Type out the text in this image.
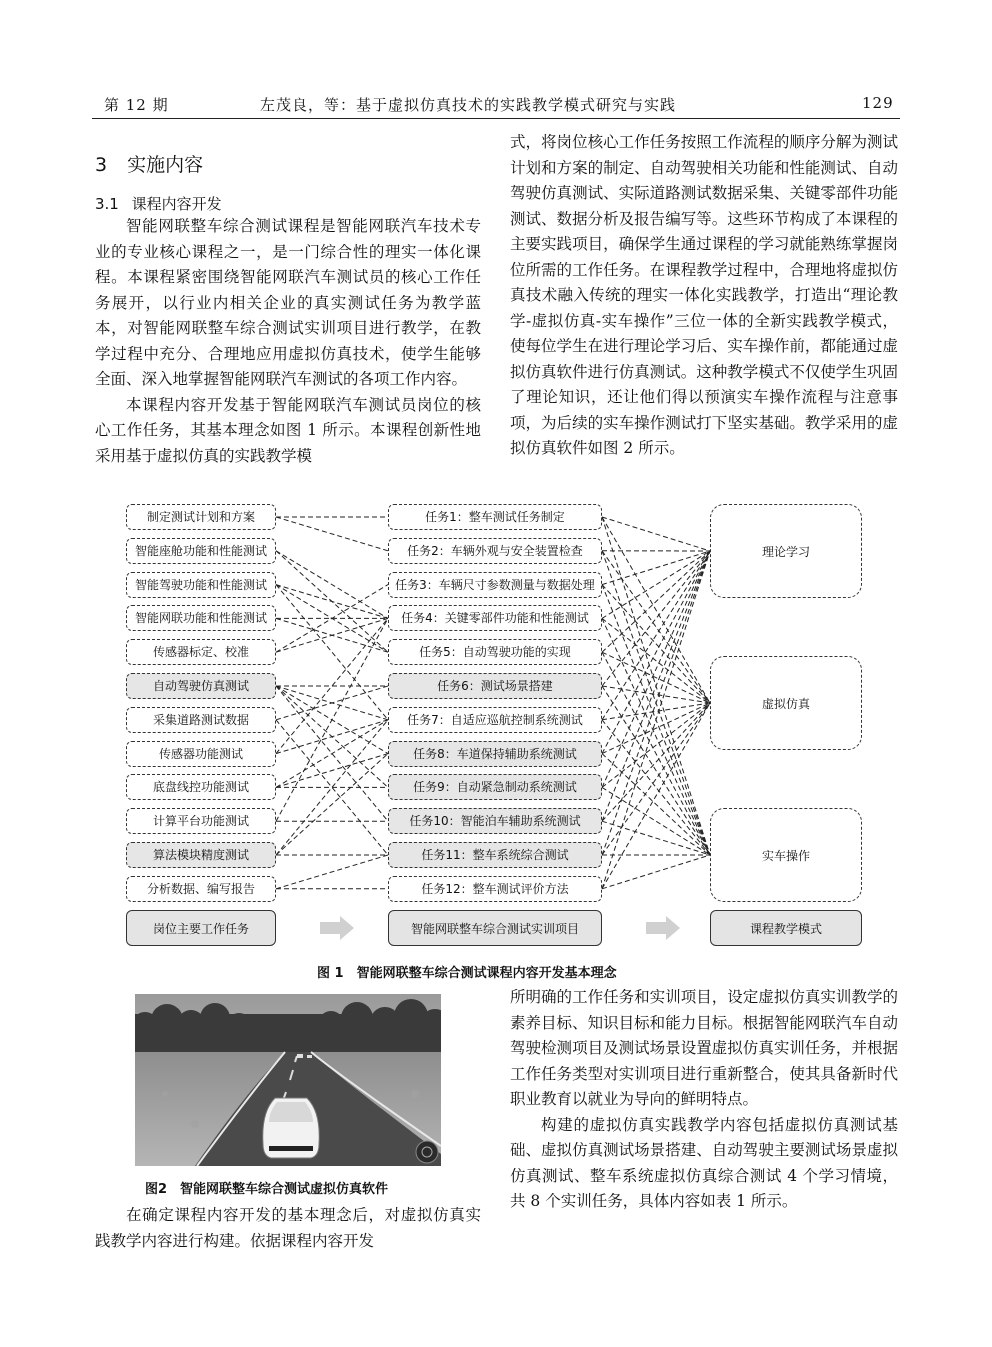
第 12 期	左茂良，等：基于虚拟仿真技术的实践教学模式研究与实践	129
3 实施内容
3.1 课程内容开发

智能网联整车综合测试课程是智能网联汽车技术专业的专业核心课程之一，是一门综合性的理实一体化课程。本课程紧密围绕智能网联汽车测试员的核心工作任务展开，以行业内相关企业的真实测试任务为教学蓝本，对智能网联整车综合测试实训项目进行教学，在教学过程中充分、合理地应用虚拟仿真技术，使学生能够全面、深入地掌握智能网联汽车测试的各项工作内容。

本课程内容开发基于智能网联汽车测试员岗位的核心工作任务，其基本理念如图 1 所示。本课程创新性地采用基于虚拟仿真的实践教学模

式，将岗位核心工作任务按照工作流程的顺序分解为测试计划和方案的制定、自动驾驶相关功能和性能测试、自动驾驶仿真测试、实际道路测试数据采集、关键零部件功能测试、数据分析及报告编写等。这些环节构成了本课程的主要实践项目，确保学生通过课程的学习就能熟练掌握岗位所需的工作任务。在课程教学过程中，合理地将虚拟仿真技术融入传统的理实一体化实践教学，打造出“理论教学-虚拟仿真-实车操作”三位一体的全新实践教学模式，使每位学生在进行理论学习后、实车操作前，都能通过虚拟仿真软件进行仿真测试。这种教学模式不仅使学生巩固了理论知识，还让他们得以预演实车操作流程与注意事项，为后续的实车操作测试打下坚实基础。教学采用的虚拟仿真软件如图 2 所示。

制定测试计划和方案
智能座舱功能和性能测试
智能驾驶功能和性能测试
智能网联功能和性能测试
传感器标定、校准
自动驾驶仿真测试
采集道路测试数据
传感器功能测试
底盘线控功能测试
计算平台功能测试
算法模块精度测试
分析数据、编写报告
任务1：整车测试任务制定
任务2：车辆外观与安全装置检查
任务3：车辆尺寸参数测量与数据处理
任务4：关键零部件功能和性能测试
任务5：自动驾驶功能的实现
任务6：测试场景搭建
任务7：自适应巡航控制系统测试
任务8：车道保持辅助系统测试
任务9：自动紧急制动系统测试
任务10：智能泊车辅助系统测试
任务11：整车系统综合测试
任务12：整车测试评价方法
理论学习
虚拟仿真
实车操作
岗位主要工作任务	智能网联整车综合测试实训项目	课程教学模式
图 1　智能网联整车综合测试课程内容开发基本理念
图2　智能网联整车综合测试虚拟仿真软件

在确定课程内容开发的基本理念后，对虚拟仿真实践教学内容进行构建。依据课程内容开发

所明确的工作任务和实训项目，设定虚拟仿真实训教学的素养目标、知识目标和能力目标。根据智能网联汽车自动驾驶检测项目及测试场景设置虚拟仿真实训任务，并根据工作任务类型对实训项目进行重新整合，使其具备新时代职业教育以就业为导向的鲜明特点。

构建的虚拟仿真实践教学内容包括虚拟仿真测试基础、虚拟仿真测试场景搭建、自动驾驶主要测试场景虚拟仿真测试、整车系统虚拟仿真综合测试 4 个学习情境，共 8 个实训任务，具体内容如表 1 所示。
